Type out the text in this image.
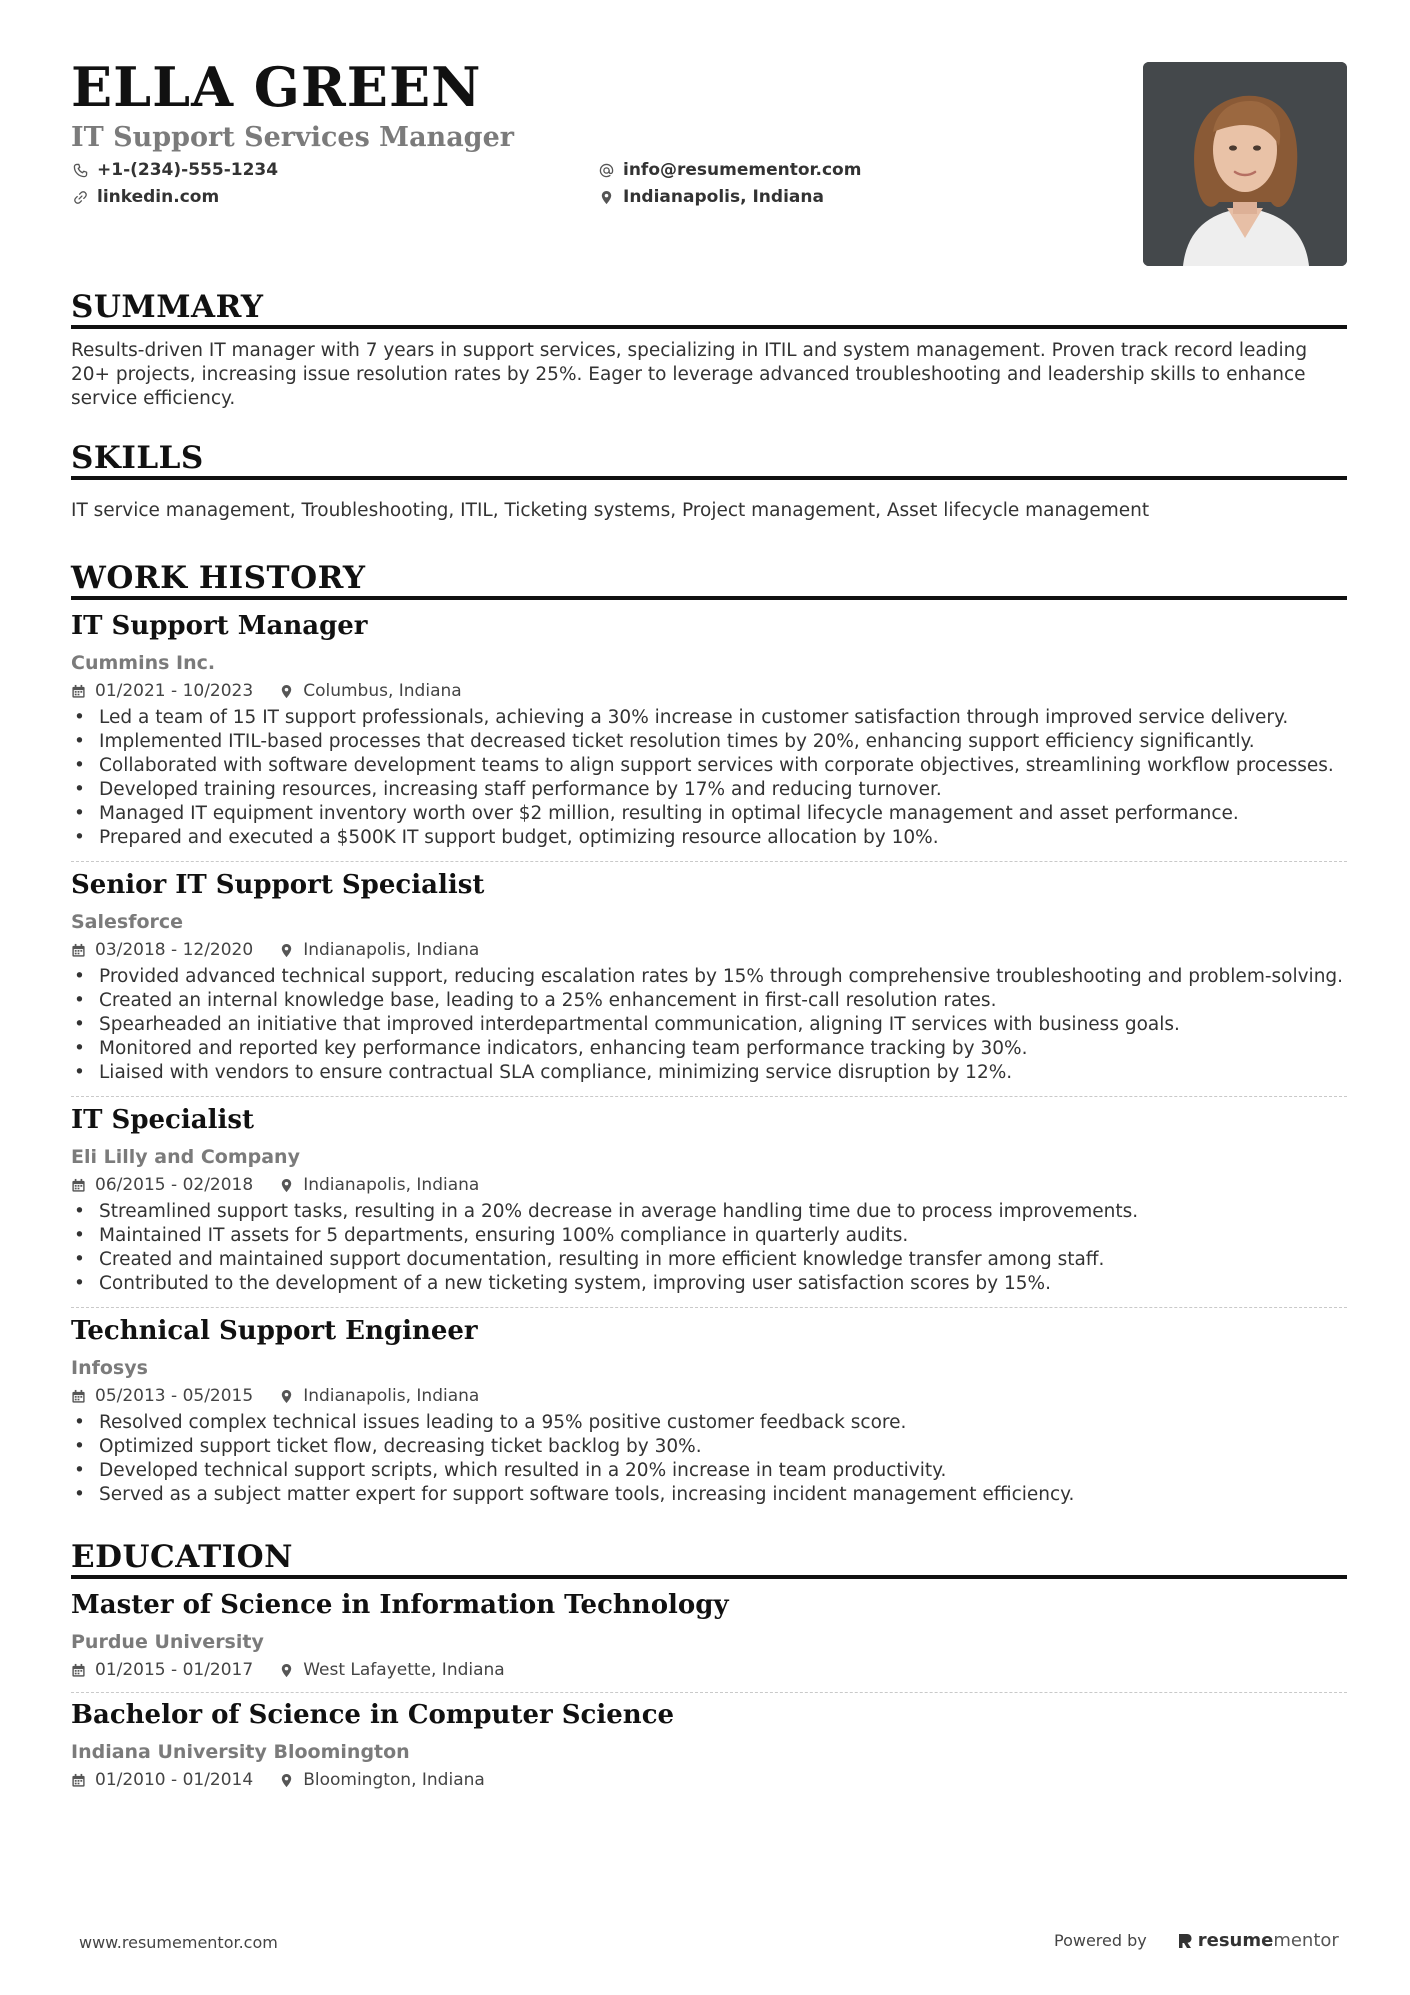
ELLA GREEN
IT Support Services Manager
+1-(234)-555-1234
linkedin.com
info@resumementor.com
Indianapolis, Indiana
SUMMARY

Results-driven IT manager with 7 years in support services, specializing in ITIL and system management. Proven track record leading 20+ projects, increasing issue resolution rates by 25%. Eager to leverage advanced troubleshooting and leadership skills to enhance service efficiency.

SKILLS

IT service management, Troubleshooting, ITIL, Ticketing systems, Project management, Asset lifecycle management

WORK HISTORY
IT Support Manager
Cummins Inc.
01/2021 - 10/2023	Columbus, Indiana
• Led a team of 15 IT support professionals, achieving a 30% increase in customer satisfaction through improved service delivery.
• Implemented ITIL-based processes that decreased ticket resolution times by 20%, enhancing support efficiency significantly.
• Collaborated with software development teams to align support services with corporate objectives, streamlining workflow processes.
• Developed training resources, increasing staff performance by 17% and reducing turnover.
• Managed IT equipment inventory worth over $2 million, resulting in optimal lifecycle management and asset performance.
• Prepared and executed a $500K IT support budget, optimizing resource allocation by 10%.
Senior IT Support Specialist
Salesforce
03/2018 - 12/2020	Indianapolis, Indiana
• Provided advanced technical support, reducing escalation rates by 15% through comprehensive troubleshooting and problem-solving.
• Created an internal knowledge base, leading to a 25% enhancement in first-call resolution rates.
• Spearheaded an initiative that improved interdepartmental communication, aligning IT services with business goals.
• Monitored and reported key performance indicators, enhancing team performance tracking by 30%.
• Liaised with vendors to ensure contractual SLA compliance, minimizing service disruption by 12%.
IT Specialist
Eli Lilly and Company
06/2015 - 02/2018	Indianapolis, Indiana
• Streamlined support tasks, resulting in a 20% decrease in average handling time due to process improvements.
• Maintained IT assets for 5 departments, ensuring 100% compliance in quarterly audits.
• Created and maintained support documentation, resulting in more efficient knowledge transfer among staff.
• Contributed to the development of a new ticketing system, improving user satisfaction scores by 15%.
Technical Support Engineer
Infosys
05/2013 - 05/2015	Indianapolis, Indiana
• Resolved complex technical issues leading to a 95% positive customer feedback score.
• Optimized support ticket flow, decreasing ticket backlog by 30%.
• Developed technical support scripts, which resulted in a 20% increase in team productivity.
• Served as a subject matter expert for support software tools, increasing incident management efficiency.
EDUCATION
Master of Science in Information Technology
Purdue University
01/2015 - 01/2017	West Lafayette, Indiana
Bachelor of Science in Computer Science
Indiana University Bloomington
01/2010 - 01/2014	Bloomington, Indiana
www.resumementor.com	Powered by	resume mentor
